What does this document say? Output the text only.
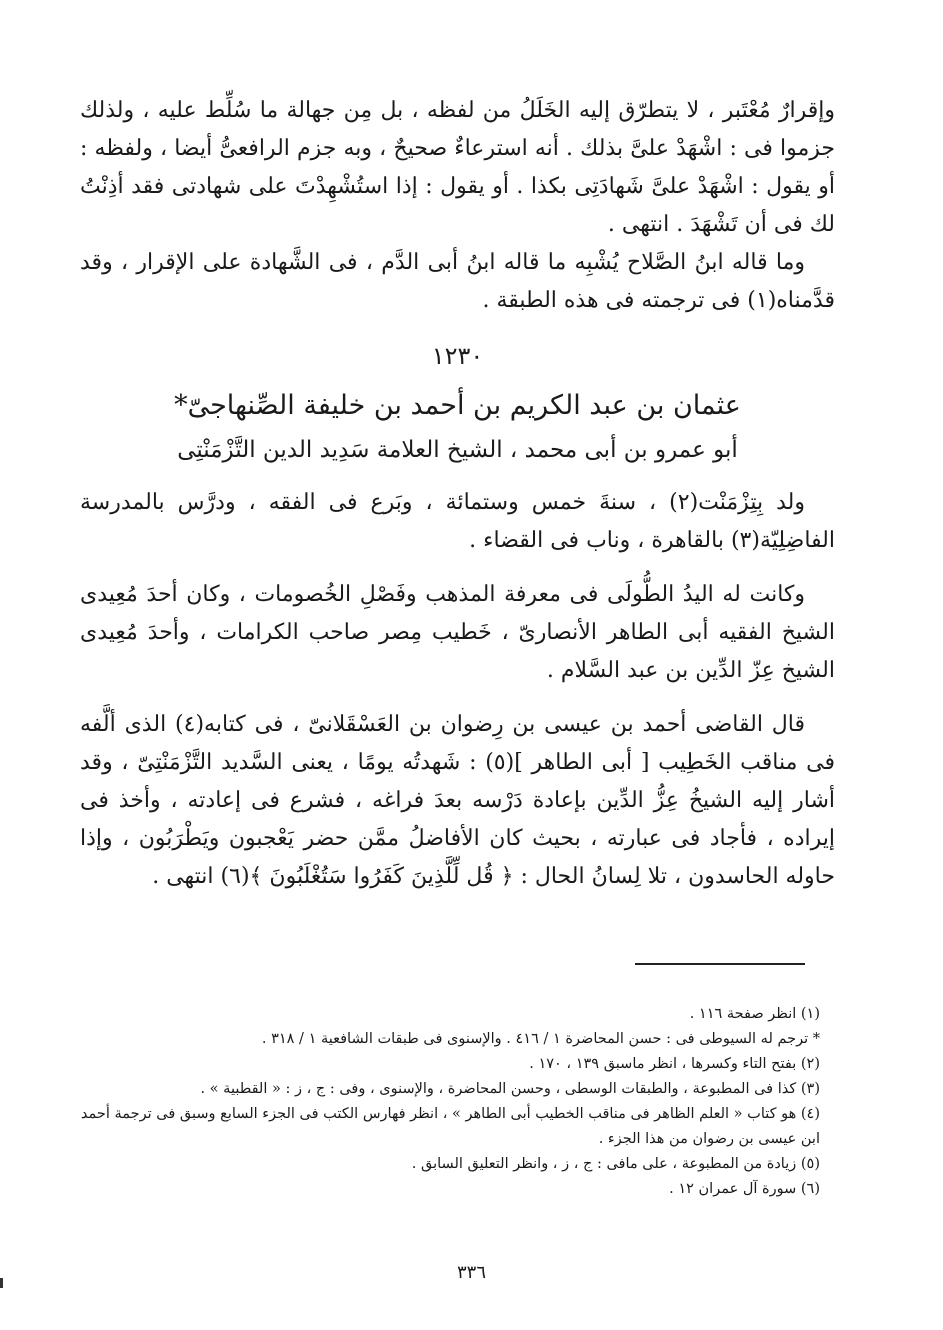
وإقرارٌ مُعْتَبر ، لا يتطرّق إليه الخَلَلُ من لفظه ، بل مِن جهالة ما سُلِّط عليه ، ولذلك جزموا فى : اشْهَدْ علىَّ بذلك . أنه استرعاءٌ صحيحٌ ، وبه جزم الرافعىُّ أيضا ، ولفظه : أو يقول : اشْهَدْ علىَّ شَهادَتِى بكذا . أو يقول : إذا استُشْهِدْتَ على شهادتى فقد أذِنْتُ لك فى أن تَشْهَدَ . انتهى .

وما قاله ابنُ الصَّلاح يُشْبِه ما قاله ابنُ أبى الدَّم ، فى الشَّهادة على الإقرار ، وقد قدَّمناه(١) فى ترجمته فى هذه الطبقة .

١٢٣٠

عثمان بن عبد الكريم بن أحمد بن خليفة الصِّنهاجىّ*

أبو عمرو بن أبى محمد ، الشيخ العلامة سَدِيد الدين التَّزْمَنْتِى

ولد بِتِزْمَنْت(٢) ، سنةَ خمس وستمائة ، وبَرع فى الفقه ، ودرَّس بالمدرسة الفاضِلِيّة(٣) بالقاهرة ، وناب فى القضاء .

وكانت له اليدُ الطُّولَى فى معرفة المذهب وفَصْلِ الخُصومات ، وكان أحدَ مُعِيدى الشيخ الفقيه أبى الطاهر الأنصارىّ ، خَطيب مِصر صاحب الكرامات ، وأحدَ مُعِيدى الشيخ عِزّ الدِّين بن عبد السَّلام .

قال القاضى أحمد بن عيسى بن رِضوان بن العَسْقَلانىّ ، فى كتابه(٤) الذى ألَّفه فى مناقب الخَطِيب [ أبى الطاهر ](٥) : شَهدتُه يومًا ، يعنى السَّديد التَّزْمَنْتِىّ ، وقد أشار إليه الشيخُ عِزُّ الدِّين بإعادة دَرْسه بعدَ فراغه ، فشرع فى إعادته ، وأخذ فى إيراده ، فأجاد فى عبارته ، بحيث كان الأفاضلُ ممَّن حضر يَعْجبون ويَطْرَبُون ، وإذا حاوله الحاسدون ، تلا لِسانُ الحال : ﴿ قُل لِّلَّذِينَ كَفَرُوا سَتُغْلَبُونَ ﴾(٦) انتهى .

(١) انظر صفحة ١١٦ .

* ترجم له السيوطى فى : حسن المحاضرة ١ / ٤١٦ . والإسنوى فى طبقات الشافعية ١ / ٣١٨ .

(٢) بفتح التاء وكسرها ، انظر ماسبق ١٣٩ ، ١٧٠ .

(٣) كذا فى المطبوعة ، والطبقات الوسطى ، وحسن المحاضرة ، والإسنوى ، وفى : ج ، ز : « القطبية » .

(٤) هو كتاب « العلم الظاهر فى مناقب الخطيب أبى الطاهر » ، انظر فهارس الكتب فى الجزء السابع وسبق فى ترجمة أحمد ابن عيسى بن رضوان من هذا الجزء .

(٥) زيادة من المطبوعة ، على مافى : ج ، ز ، وانظر التعليق السابق .

(٦) سورة آل عمران ١٢ .

٣٣٦
